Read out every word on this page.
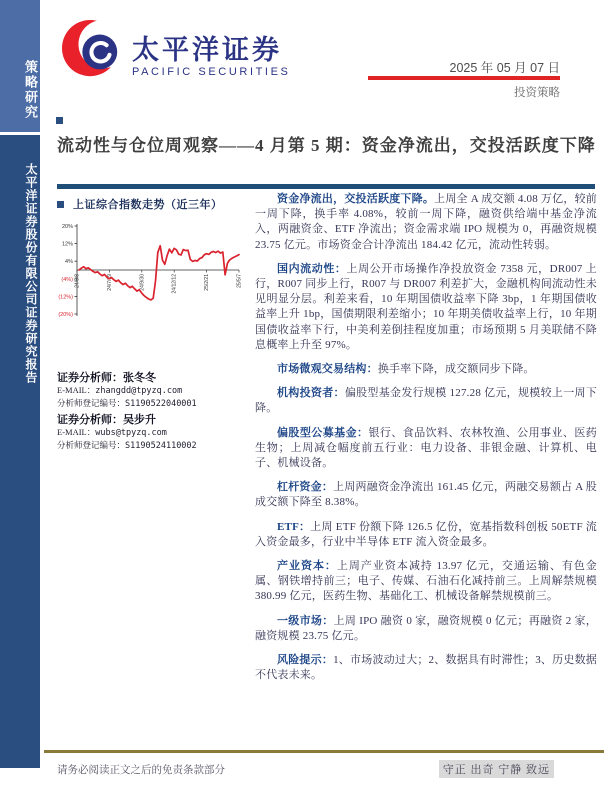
策略研究
太平洋证券股份有限公司证券研究报告
太平洋证券
PACIFIC SECURITIES	2025 年 05 月 07 日
投资策略
流动性与仓位周观察——4 月第 5 期：资金净流出，交投活跃度下降
上证综合指数走势（近三年）
20%
12%
4%
(4%)
(12%)
(20%)
24/5/8	24/7/19	24/9/30	24/12/12	25/2/21	25/5/7
证券分析师：张冬冬
E-MAIL：zhangdd@tpyzq.com
分析师登记编号：S1190522040001
证券分析师：吴步升
E-MAIL：wubs@tpyzq.com
分析师登记编号：S1190524110002

资金净流出，交投活跃度下降。上周全 A 成交额 4.08 万亿，较前一周下降，换手率 4.08%，较前一周下降，融资供给端中基金净流入，两融资金、ETF 净流出；资金需求端 IPO 规模为 0，再融资规模 23.75 亿元。市场资金合计净流出 184.42 亿元，流动性转弱。

国内流动性：上周公开市场操作净投放资金 7358 元，DR007 上行，R007 同步上行，R007 与 DR007 利差扩大，金融机构间流动性未见明显分层。利差来看，10 年期国债收益率下降 3bp，1 年期国债收益率上升 1bp，国债期限利差缩小；10 年期美债收益率上行，10 年期国债收益率下行，中美利差倒挂程度加重；市场预期 5 月美联储不降息概率上升至 97%。

市场微观交易结构：换手率下降，成交额同步下降。

机构投资者：偏股型基金发行规模 127.28 亿元，规模较上一周下降。

偏股型公募基金：银行、食品饮料、农林牧渔、公用事业、医药生物；上周减仓幅度前五行业：电力设备、非银金融、计算机、电子、机械设备。

杠杆资金：上周两融资金净流出 161.45 亿元，两融交易额占 A 股成交额下降至 8.38%。

ETF：上周 ETF 份额下降 126.5 亿份，宽基指数科创板 50ETF 流入资金最多，行业中半导体 ETF 流入资金最多。

产业资本：上周产业资本减持 13.97 亿元，交通运输、有色金属、钢铁增持前三；电子、传媒、石油石化减持前三。上周解禁规模 380.99 亿元，医药生物、基础化工、机械设备解禁规模前三。

一级市场：上周 IPO 融资 0 家，融资规模 0 亿元；再融资 2 家，融资规模 23.75 亿元。

风险提示：1、市场波动过大；2、数据具有时滞性；3、历史数据不代表未来。

请务必阅读正文之后的免责条款部分	守正 出奇 宁静 致远
